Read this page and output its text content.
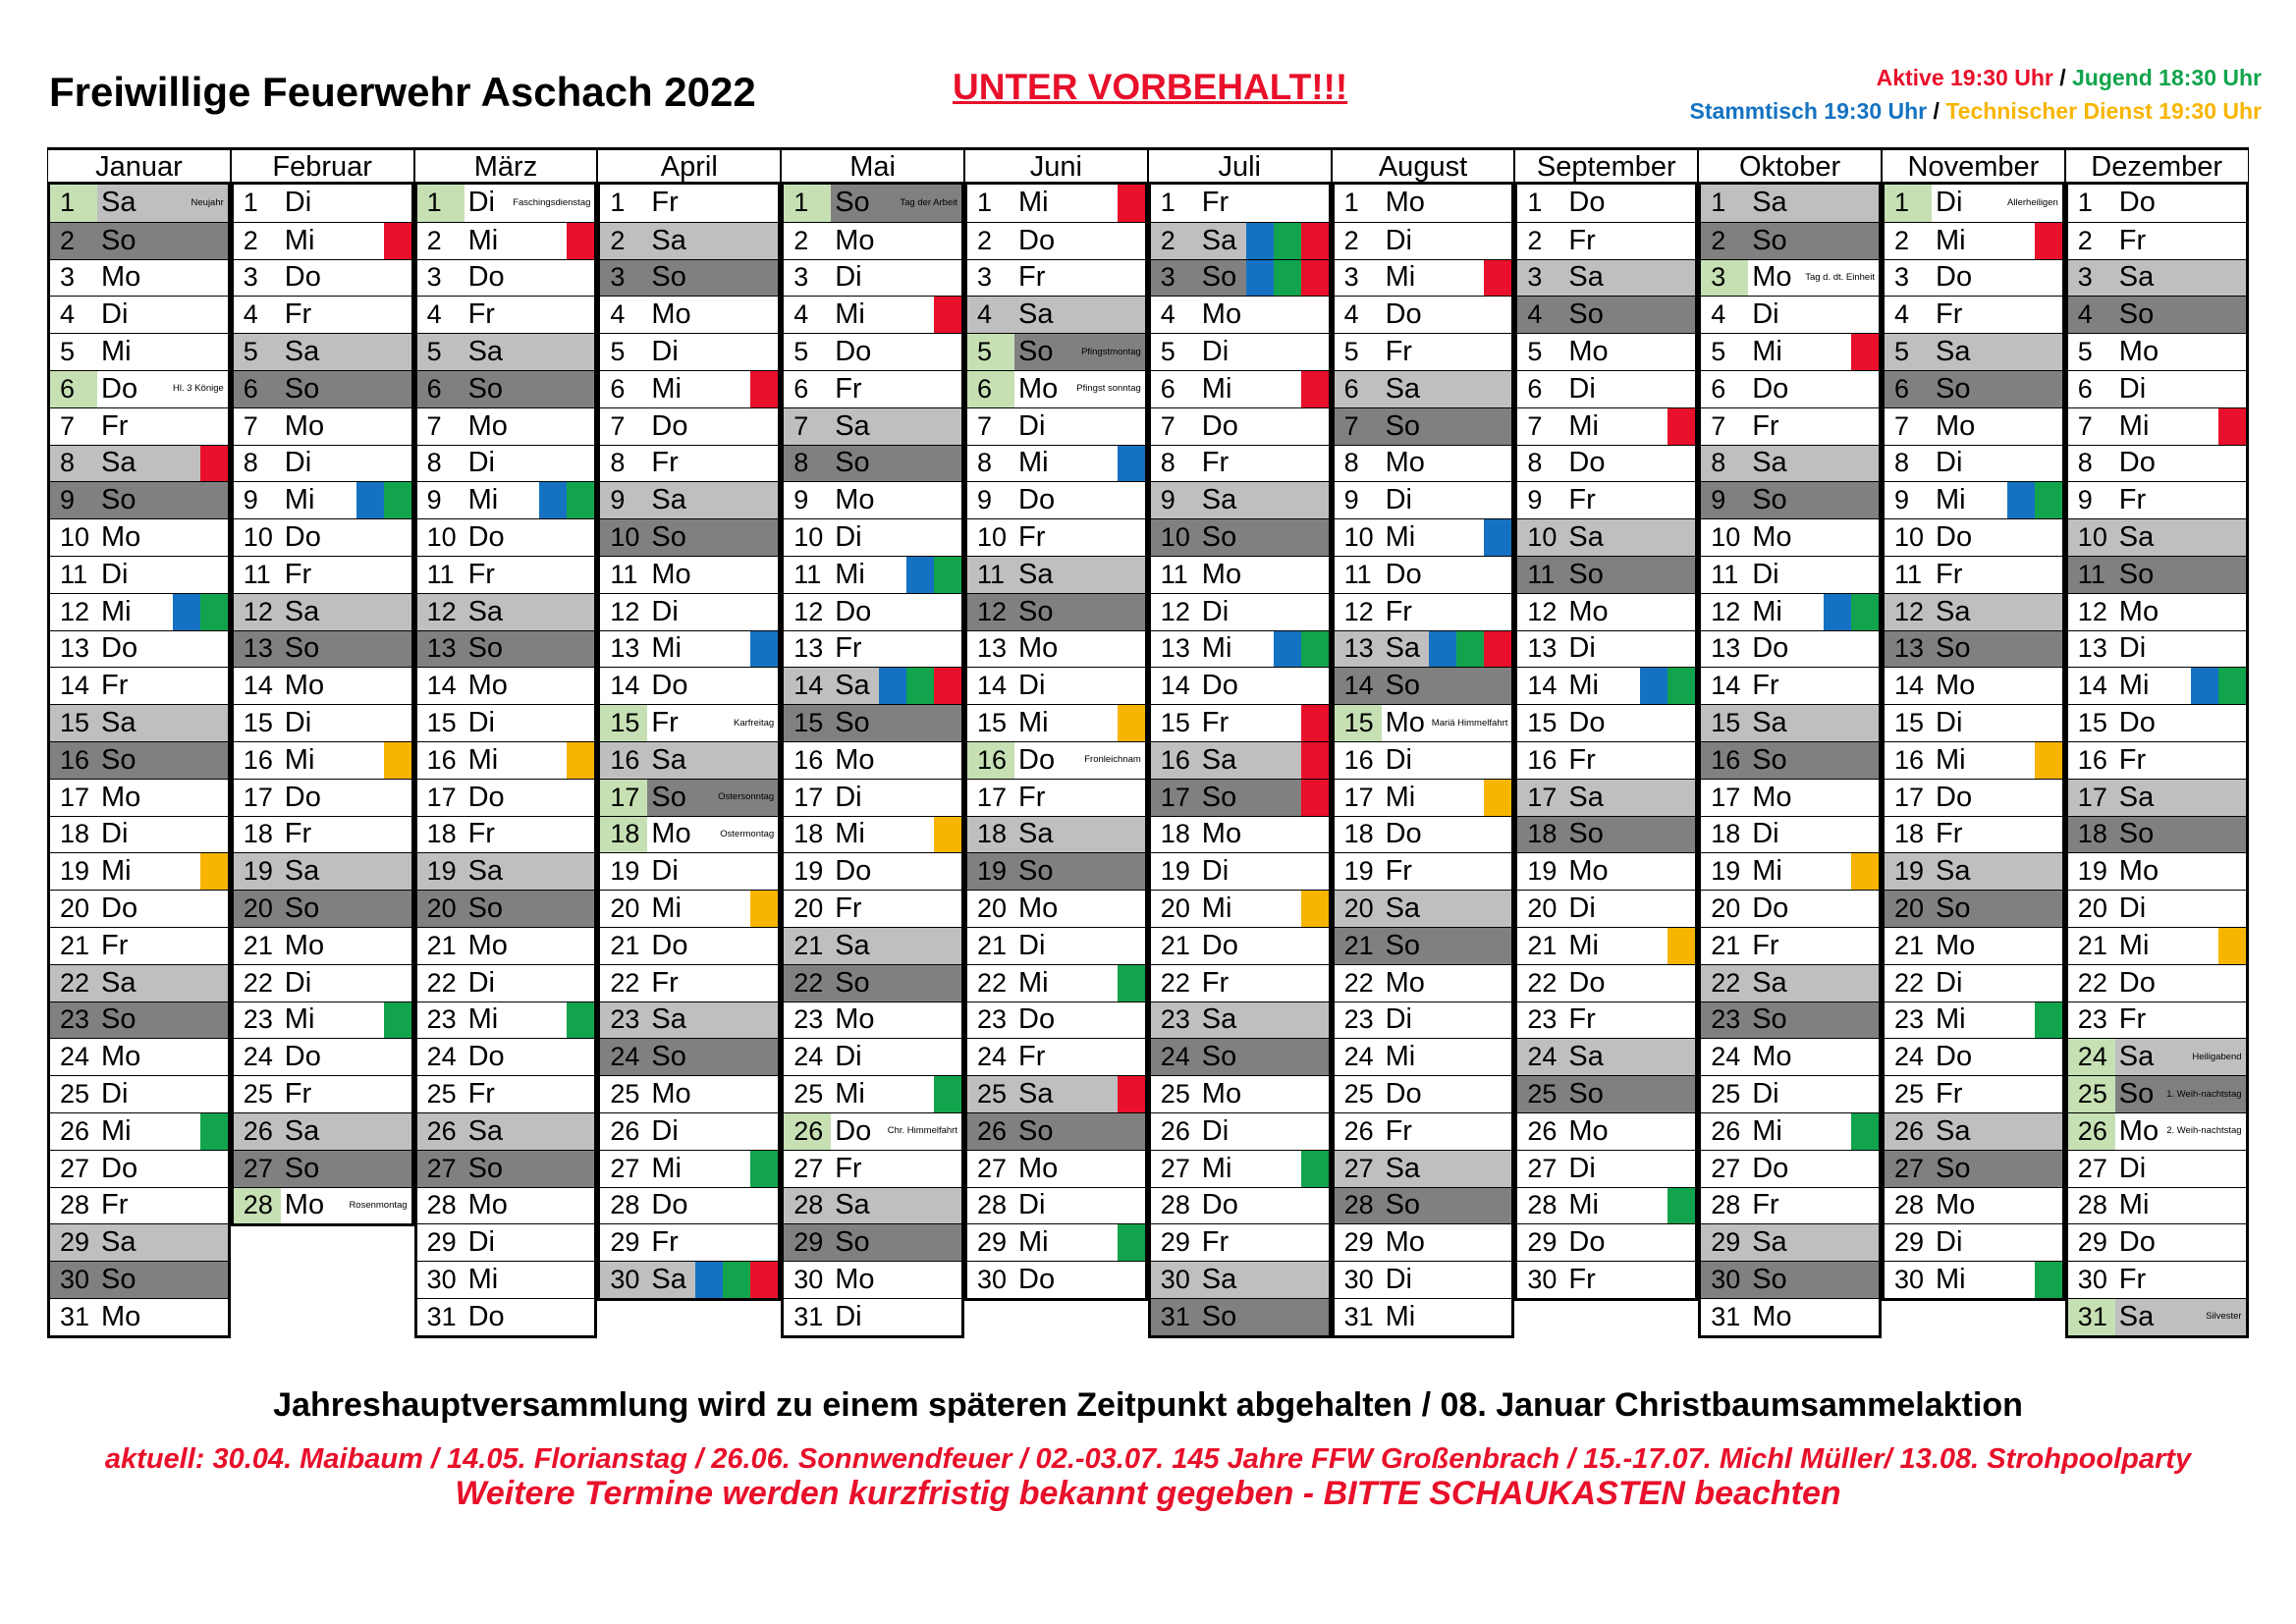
Freiwillige Feuerwehr Aschach 2022	UNTER VORBEHALT!!!	Aktive 19:30 Uhr / Jugend 18:30 Uhr
Stammtisch 19:30 Uhr / Technischer Dienst 19:30 Uhr
Januar
1 Sa	Neujahr
2 So
3 Mo
4 Di
5 Mi
6 Do	Hl. 3 Könige
7 Fr
8 Sa
9 So
10 Mo
11 Di
12 Mi
13 Do
14 Fr
15 Sa
16 So
17 Mo
18 Di
19 Mi
20 Do
21 Fr
22 Sa
23 So
24 Mo
25 Di
26 Mi
27 Do
28 Fr
29 Sa
30 So
31 Mo
Februar
1 Di
2 Mi
3 Do
4 Fr
5 Sa
6 So
7 Mo
8 Di
9 Mi
10 Do
11 Fr
12 Sa
13 So
14 Mo
15 Di
16 Mi
17 Do
18 Fr
19 Sa
20 So
21 Mo
22 Di
23 Mi
24 Do
25 Fr
26 Sa
27 So
28 Mo	Rosenmontag
März
1 Di	Faschingsdienstag
2 Mi
3 Do
4 Fr
5 Sa
6 So
7 Mo
8 Di
9 Mi
10 Do
11 Fr
12 Sa
13 So
14 Mo
15 Di
16 Mi
17 Do
18 Fr
19 Sa
20 So
21 Mo
22 Di
23 Mi
24 Do
25 Fr
26 Sa
27 So
28 Mo
29 Di
30 Mi
31 Do
April
1 Fr
2 Sa
3 So
4 Mo
5 Di
6 Mi
7 Do
8 Fr
9 Sa
10 So
11 Mo
12 Di
13 Mi
14 Do
15 Fr	Karfreitag
16 Sa
17 So	Ostersonntag
18 Mo	Ostermontag
19 Di
20 Mi
21 Do
22 Fr
23 Sa
24 So
25 Mo
26 Di
27 Mi
28 Do
29 Fr
30 Sa
Mai
1 So	Tag der Arbeit
2 Mo
3 Di
4 Mi
5 Do
6 Fr
7 Sa
8 So
9 Mo
10 Di
11 Mi
12 Do
13 Fr
14 Sa
15 So
16 Mo
17 Di
18 Mi
19 Do
20 Fr
21 Sa
22 So
23 Mo
24 Di
25 Mi
26 Do	Chr. Himmelfahrt
27 Fr
28 Sa
29 So
30 Mo
31 Di
Juni
1 Mi
2 Do
3 Fr
4 Sa
5 So	Pfingstmontag
6 Mo	Pfingst sonntag
7 Di
8 Mi
9 Do
10 Fr
11 Sa
12 So
13 Mo
14 Di
15 Mi
16 Do	Fronleichnam
17 Fr
18 Sa
19 So
20 Mo
21 Di
22 Mi
23 Do
24 Fr
25 Sa
26 So
27 Mo
28 Di
29 Mi
30 Do
Juli
1 Fr
2 Sa
3 So
4 Mo
5 Di
6 Mi
7 Do
8 Fr
9 Sa
10 So
11 Mo
12 Di
13 Mi
14 Do
15 Fr
16 Sa
17 So
18 Mo
19 Di
20 Mi
21 Do
22 Fr
23 Sa
24 So
25 Mo
26 Di
27 Mi
28 Do
29 Fr
30 Sa
31 So
August
1 Mo
2 Di
3 Mi
4 Do
5 Fr
6 Sa
7 So
8 Mo
9 Di
10 Mi
11 Do
12 Fr
13 Sa
14 So
15 Mo Mariä Himmelfahrt
16 Di
17 Mi
18 Do
19 Fr
20 Sa
21 So
22 Mo
23 Di
24 Mi
25 Do
26 Fr
27 Sa
28 So
29 Mo
30 Di
31 Mi
September
1 Do
2 Fr
3 Sa
4 So
5 Mo
6 Di
7 Mi
8 Do
9 Fr
10 Sa
11 So
12 Mo
13 Di
14 Mi
15 Do
16 Fr
17 Sa
18 So
19 Mo
20 Di
21 Mi
22 Do
23 Fr
24 Sa
25 So
26 Mo
27 Di
28 Mi
29 Do
30 Fr
Oktober
1 Sa
2 So
3 Mo	Tag d. dt. Einheit
4 Di
5 Mi
6 Do
7 Fr
8 Sa
9 So
10 Mo
11 Di
12 Mi
13 Do
14 Fr
15 Sa
16 So
17 Mo
18 Di
19 Mi
20 Do
21 Fr
22 Sa
23 So
24 Mo
25 Di
26 Mi
27 Do
28 Fr
29 Sa
30 So
31 Mo
November
1 Di	Allerheiligen
2 Mi
3 Do
4 Fr
5 Sa
6 So
7 Mo
8 Di
9 Mi
10 Do
11 Fr
12 Sa
13 So
14 Mo
15 Di
16 Mi
17 Do
18 Fr
19 Sa
20 So
21 Mo
22 Di
23 Mi
24 Do
25 Fr
26 Sa
27 So
28 Mo
29 Di
30 Mi
Dezember
1 Do
2 Fr
3 Sa
4 So
5 Mo
6 Di
7 Mi
8 Do
9 Fr
10 Sa
11 So
12 Mo
13 Di
14 Mi
15 Do
16 Fr
17 Sa
18 So
19 Mo
20 Di
21 Mi
22 Do
23 Fr
24 Sa	Heiligabend
25 So	1. Weih-nachtstag
26 Mo 2. Weih-nachtstag
27 Di
28 Mi
29 Do
30 Fr
31 Sa	Silvester
Jahreshauptversammlung wird zu einem späteren Zeitpunkt abgehalten / 08. Januar Christbaumsammelaktion
aktuell: 30.04. Maibaum / 14.05. Florianstag / 26.06. Sonnwendfeuer / 02.-03.07. 145 Jahre FFW Großenbrach / 15.-17.07. Michl Müller/ 13.08. Strohpoolparty
Weitere Termine werden kurzfristig bekannt gegeben - BITTE SCHAUKASTEN beachten
